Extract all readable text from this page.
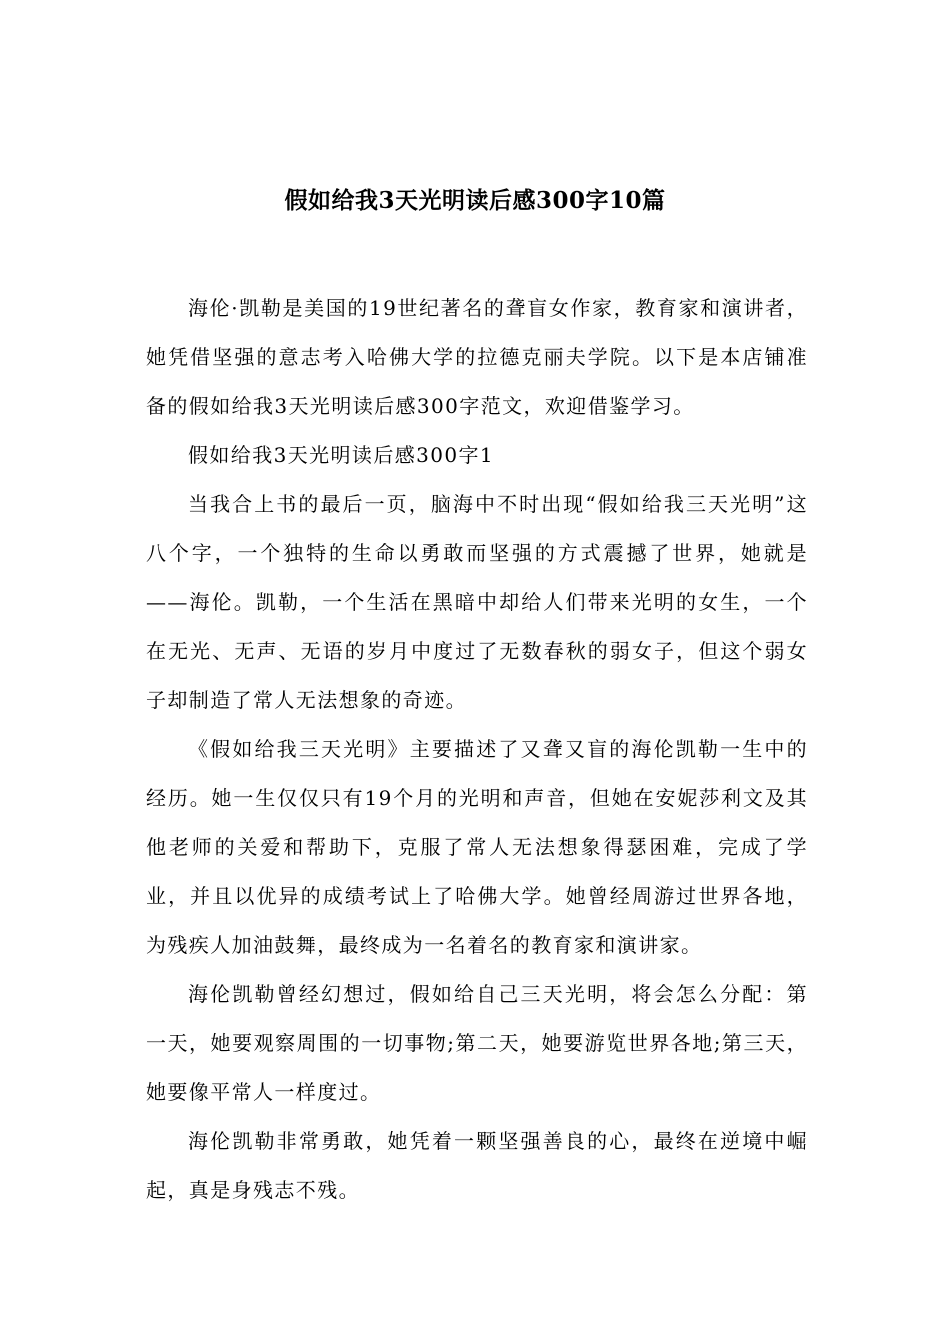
假如给我3天光明读后感300字10篇

海伦·凯勒是美国的19世纪著名的聋盲女作家，教育家和演讲者，她凭借坚强的意志考入哈佛大学的拉德克丽夫学院。以下是本店铺准备的假如给我3天光明读后感300字范文，欢迎借鉴学习。

假如给我3天光明读后感300字1

当我合上书的最后一页，脑海中不时出现“假如给我三天光明”这八个字，一个独特的生命以勇敢而坚强的方式震撼了世界，她就是——海伦。凯勒，一个生活在黑暗中却给人们带来光明的女生，一个在无光、无声、无语的岁月中度过了无数春秋的弱女子，但这个弱女子却制造了常人无法想象的奇迹。

《假如给我三天光明》主要描述了又聋又盲的海伦凯勒一生中的经历。她一生仅仅只有19个月的光明和声音，但她在安妮莎利文及其他老师的关爱和帮助下，克服了常人无法想象得瑟困难，完成了学业，并且以优异的成绩考试上了哈佛大学。她曾经周游过世界各地，为残疾人加油鼓舞，最终成为一名着名的教育家和演讲家。

海伦凯勒曾经幻想过，假如给自己三天光明，将会怎么分配：第一天，她要观察周围的一切事物;第二天，她要游览世界各地;第三天，她要像平常人一样度过。

海伦凯勒非常勇敢，她凭着一颗坚强善良的心，最终在逆境中崛起，真是身残志不残。
